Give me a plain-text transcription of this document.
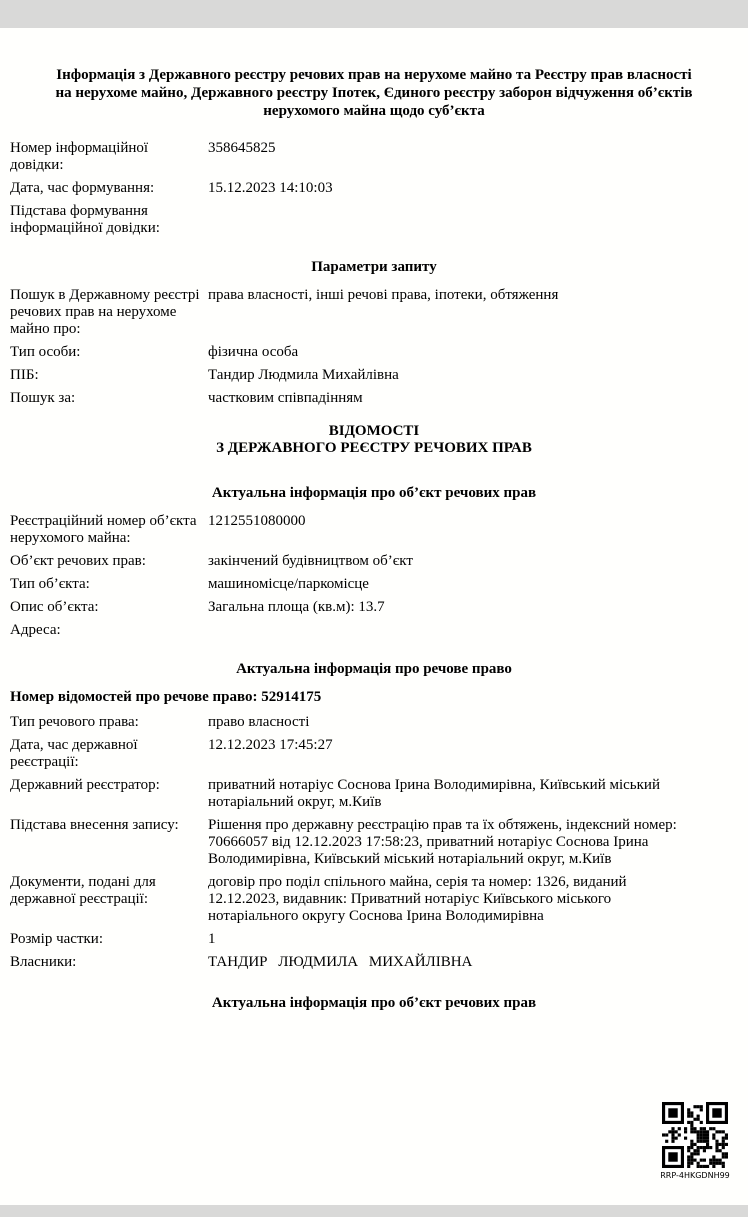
Інформація з Державного реєстру речових прав на нерухоме майно та Реєстру прав власності на нерухоме майно, Державного реєстру Іпотек, Єдиного реєстру заборон відчуження об’єктів нерухомого майна щодо суб’єкта
Номер інформаційної довідки:
358645825
Дата, час формування:	15.12.2023 14:10:03
Підстава формування інформаційної довідки:
Параметри запиту
Пошук в Державному реєстрі речових прав на нерухоме майно про:
права власності, інші речові права, іпотеки, обтяження
Тип особи:	фізична особа
ПІБ:	Тандир Людмила Михайлівна
Пошук за:	частковим співпадінням
ВІДОМОСТІ
З ДЕРЖАВНОГО РЕЄСТРУ РЕЧОВИХ ПРАВ
Актуальна інформація про об’єкт речових прав
Реєстраційний номер об’єкта нерухомого майна:
1212551080000
Об’єкт речових прав:	закінчений будівництвом об’єкт
Тип об’єкта:	машиномісце/паркомісце
Опис об’єкта:	Загальна площа (кв.м): 13.7
Адреса:
Актуальна інформація про речове право
Номер відомостей про речове право: 52914175
Тип речового права:	право власності
Дата, час державної реєстрації:
12.12.2023 17:45:27
Державний реєстратор:	приватний нотаріус Соснова Ірина Володимирівна, Київський міський нотаріальний округ, м.Київ
Підстава внесення запису:	Рішення про державну реєстрацію прав та їх обтяжень, індексний номер: 70666057 від 12.12.2023 17:58:23, приватний нотаріус Соснова Ірина Володимирівна, Київський міський нотаріальний округ, м.Київ
Документи, подані для державної реєстрації:
договір про поділ спільного майна, серія та номер: 1326, виданий 12.12.2023, видавник: Приватний нотаріус Київського міського нотаріального округу Соснова Ірина Володимирівна
Розмір частки:	1
Власники:	ТАНДИР ЛЮДМИЛА МИХАЙЛІВНА
Актуальна інформація про об’єкт речових прав
RRP-4HKGDNH99
